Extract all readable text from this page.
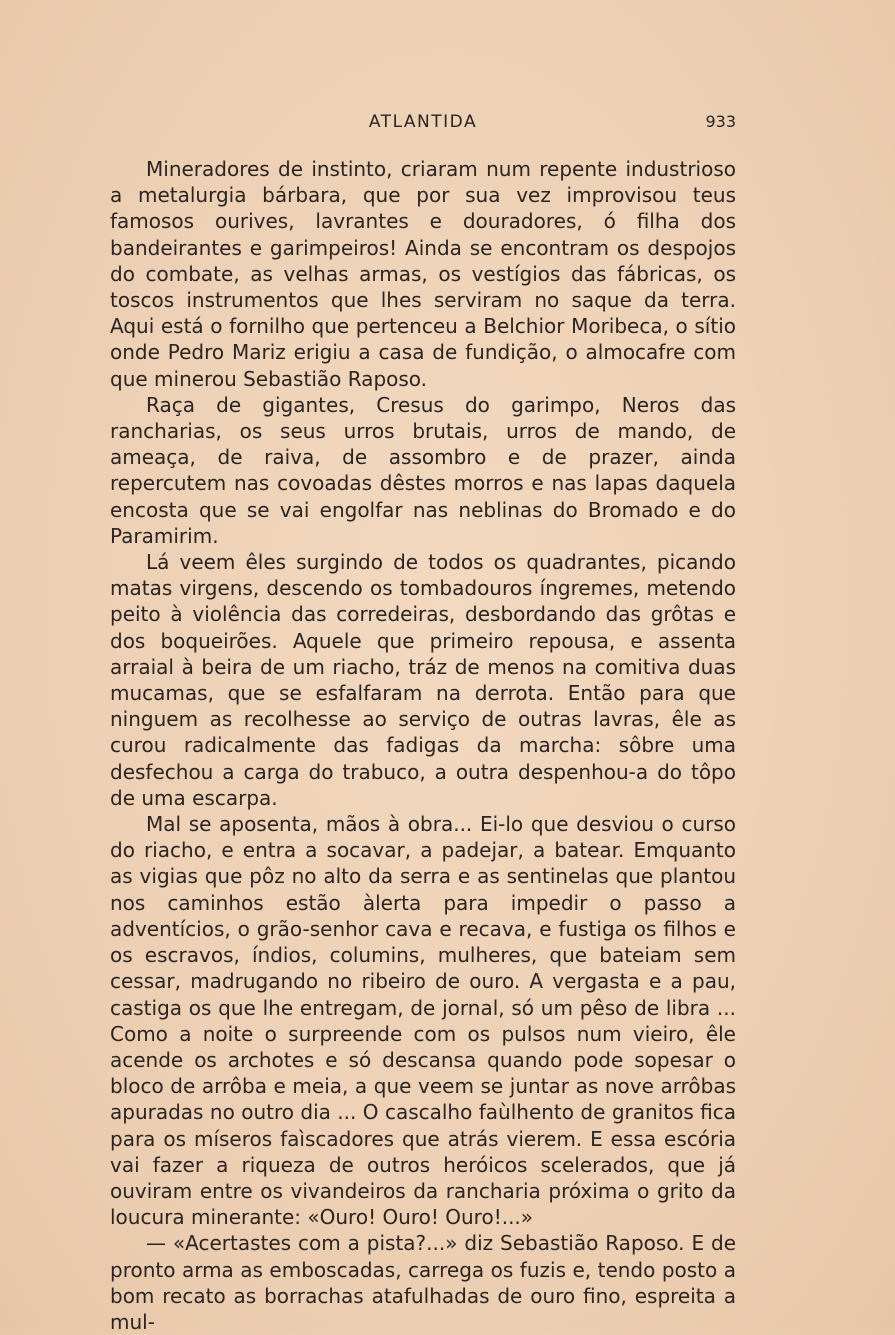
ATLANTIDA	933

Mineradores de instinto, criaram num repente industrioso a metalurgia bárbara, que por sua vez improvisou teus famosos ourives, lavrantes e douradores, ó filha dos bandeirantes e garimpeiros! Ainda se encontram os despojos do combate, as velhas armas, os vestígios das fábricas, os toscos instrumentos que lhes serviram no saque da terra. Aqui está o fornilho que pertenceu a Belchior Moribeca, o sítio onde Pedro Mariz erigiu a casa de fundição, o almocafre com que minerou Sebastião Raposo.

Raça de gigantes, Cresus do garimpo, Neros das rancharias, os seus urros brutais, urros de mando, de ameaça, de raiva, de assombro e de prazer, ainda repercutem nas covoadas dêstes morros e nas lapas daquela encosta que se vai engolfar nas neblinas do Bromado e do Paramirim.

Lá veem êles surgindo de todos os quadrantes, picando matas virgens, descendo os tombadouros íngremes, metendo peito à violência das corredeiras, desbordando das grôtas e dos boqueirões. Aquele que primeiro repousa, e assenta arraial à beira de um riacho, tráz de menos na comitiva duas mucamas, que se esfalfaram na derrota. Então para que ninguem as recolhesse ao serviço de outras lavras, êle as curou radicalmente das fadigas da marcha: sôbre uma desfechou a carga do trabuco, a outra despenhou-a do tôpo de uma escarpa.

Mal se aposenta, mãos à obra... Ei-lo que desviou o curso do riacho, e entra a socavar, a padejar, a batear. Emquanto as vigias que pôz no alto da serra e as sentinelas que plantou nos caminhos estão àlerta para impedir o passo a adventícios, o grão-senhor cava e recava, e fustiga os filhos e os escravos, índios, columins, mulheres, que bateiam sem cessar, madrugando no ribeiro de ouro. A vergasta e a pau, castiga os que lhe entregam, de jornal, só um pêso de libra ... Como a noite o surpreende com os pulsos num vieiro, êle acende os archotes e só descansa quando pode sopesar o bloco de arrôba e meia, a que veem se juntar as nove arrôbas apuradas no outro dia ... O cascalho faùlhento de granitos fica para os míseros faìscadores que atrás vierem. E essa escória vai fazer a riqueza de outros heróicos scelerados, que já ouviram entre os vivandeiros da rancharia próxima o grito da loucura minerante: «Ouro! Ouro! Ouro!...»

— «Acertastes com a pista?...» diz Sebastião Raposo. E de pronto arma as emboscadas, carrega os fuzis e, tendo posto a bom recato as borrachas atafulhadas de ouro fino, espreita a mul-
